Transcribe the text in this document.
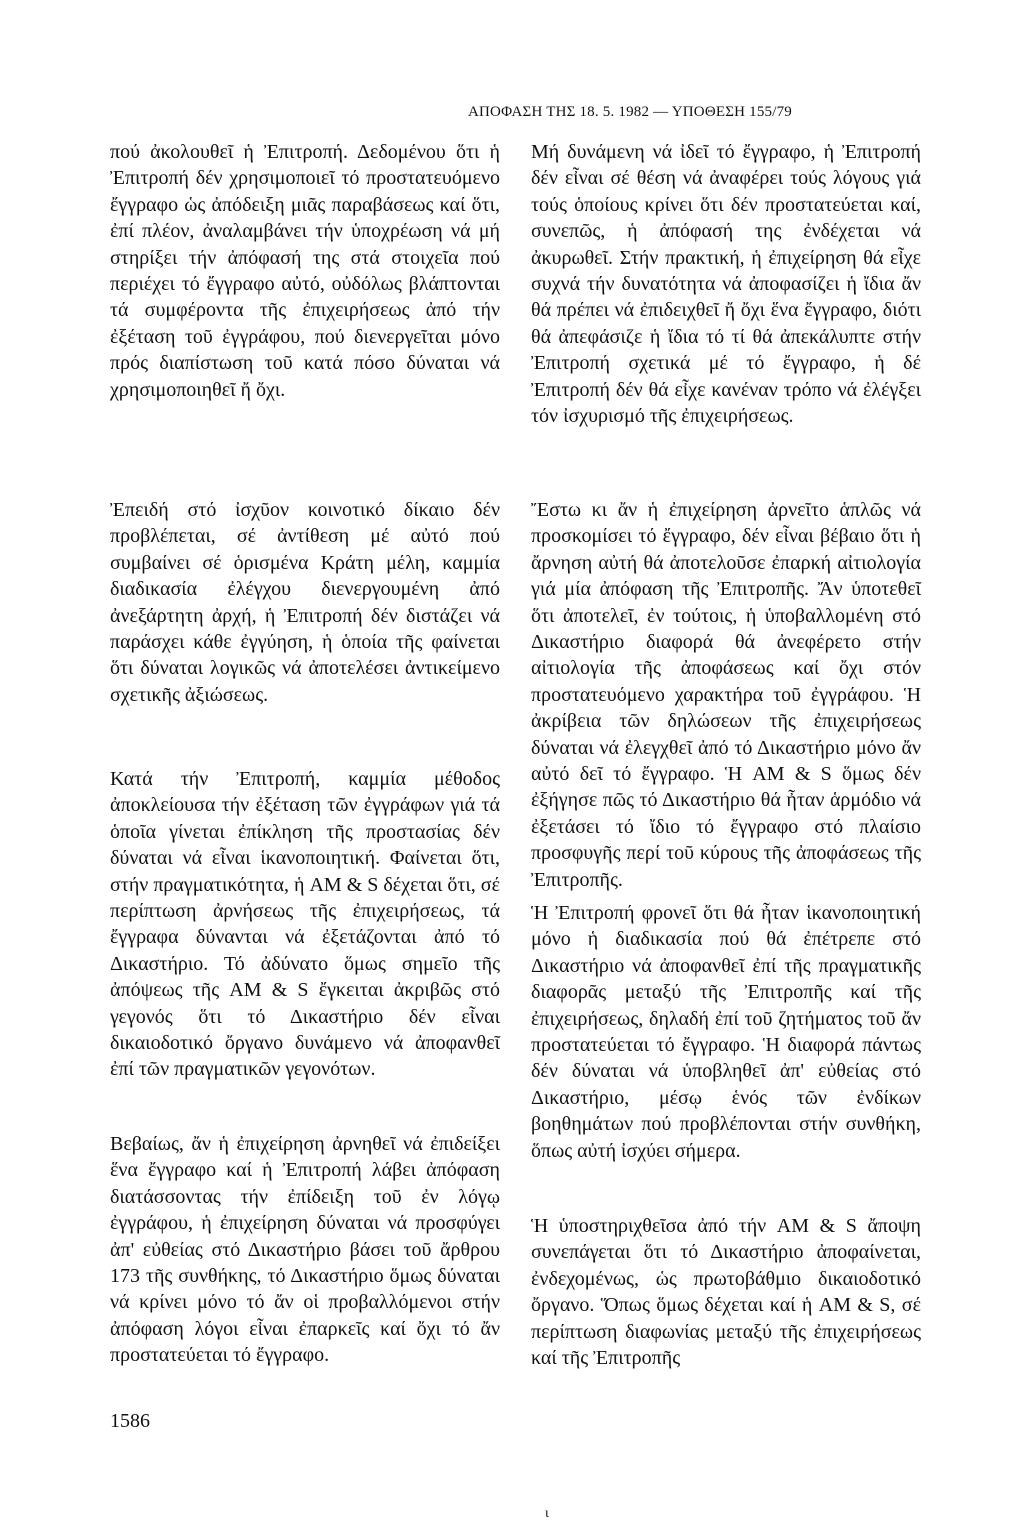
ΑΠΟΦΑΣΗ ΤΗΣ 18. 5. 1982 — ΥΠΟΘΕΣΗ 155/79

πού ἀκολουθεῖ ἡ Ἐπιτροπή. Δεδομένου ὅτι ἡ Ἐπιτροπή δέν χρησιμοποιεῖ τό προστατευόμενο ἔγγραφο ὡς ἀπόδειξη μιᾶς παραβάσεως καί ὅτι, ἐπί πλέον, ἀναλαμβάνει τήν ὑποχρέωση νά μή στηρίξει τήν ἀπόφασή της στά στοιχεῖα πού περιέχει τό ἔγγραφο αὐτό, οὐδόλως βλάπτονται τά συμφέροντα τῆς ἐπιχειρήσεως ἀπό τήν ἐξέταση τοῦ ἐγγράφου, πού διενεργεῖται μόνο πρός διαπίστωση τοῦ κατά πόσο δύναται νά χρησιμοποιηθεῖ ἤ ὄχι.

Ἐπειδή στό ἰσχῦον κοινοτικό δίκαιο δέν προβλέπεται, σέ ἀντίθεση μέ αὐτό πού συμβαίνει σέ ὁρισμένα Κράτη μέλη, καμμία διαδικασία ἐλέγχου διενεργουμένη ἀπό ἀνεξάρτητη ἀρχή, ἡ Ἐπιτροπή δέν διστάζει νά παράσχει κάθε ἐγγύηση, ἡ ὁποία τῆς φαίνεται ὅτι δύναται λογικῶς νά ἀποτελέσει ἀντικείμενο σχετικῆς ἀξιώσεως.

Κατά τήν Ἐπιτροπή, καμμία μέθοδος ἀποκλείουσα τήν ἐξέταση τῶν ἐγγράφων γιά τά ὁποῖα γίνεται ἐπίκληση τῆς προστασίας δέν δύναται νά εἶναι ἱκανοποιητική. Φαίνεται ὅτι, στήν πραγματικότητα, ἡ AM & S δέχεται ὅτι, σέ περίπτωση ἀρνήσεως τῆς ἐπιχειρήσεως, τά ἔγγραφα δύνανται νά ἐξετάζονται ἀπό τό Δικαστήριο. Τό ἀδύνατο ὅμως σημεῖο τῆς ἀπόψεως τῆς AM & S ἔγκειται ἀκριβῶς στό γεγονός ὅτι τό Δικαστήριο δέν εἶναι δικαιοδοτικό ὄργανο δυνάμενο νά ἀποφανθεῖ ἐπί τῶν πραγματικῶν γεγονότων.

Βεβαίως, ἄν ἡ ἐπιχείρηση ἀρνηθεῖ νά ἐπιδείξει ἕνα ἔγγραφο καί ἡ Ἐπιτροπή λάβει ἀπόφαση διατάσσοντας τήν ἐπίδειξη τοῦ ἐν λόγῳ ἐγγράφου, ἡ ἐπιχείρηση δύναται νά προσφύγει ἀπ' εὐθείας στό Δικαστήριο βάσει τοῦ ἄρθρου 173 τῆς συνθήκης, τό Δικαστήριο ὅμως δύναται νά κρίνει μόνο τό ἄν οἱ προβαλλόμενοι στήν ἀπόφαση λόγοι εἶναι ἐπαρκεῖς καί ὄχι τό ἄν προστατεύεται τό ἔγγραφο.

Μή δυνάμενη νά ἰδεῖ τό ἔγγραφο, ἡ Ἐπιτροπή δέν εἶναι σέ θέση νά ἀναφέρει τούς λόγους γιά τούς ὁποίους κρίνει ὅτι δέν προστατεύεται καί, συνεπῶς, ἡ ἀπόφασή της ἐνδέχεται νά ἀκυρωθεῖ. Στήν πρακτική, ἡ ἐπιχείρηση θά εἶχε συχνά τήν δυνατότητα νά ἀποφασίζει ἡ ἴδια ἄν θά πρέπει νά ἐπιδειχθεῖ ἤ ὄχι ἕνα ἔγγραφο, διότι θά ἀπεφάσιζε ἡ ἴδια τό τί θά ἀπεκάλυπτε στήν Ἐπιτροπή σχετικά μέ τό ἔγγραφο, ἡ δέ Ἐπιτροπή δέν θά εἶχε κανέναν τρόπο νά ἐλέγξει τόν ἰσχυρισμό τῆς ἐπιχειρήσεως.

Ἔστω κι ἄν ἡ ἐπιχείρηση ἀρνεῖτο ἁπλῶς νά προσκομίσει τό ἔγγραφο, δέν εἶναι βέβαιο ὅτι ἡ ἄρνηση αὐτή θά ἀποτελοῦσε ἐπαρκή αἰτιολογία γιά μία ἀπόφαση τῆς Ἐπιτροπῆς. Ἄν ὑποτεθεῖ ὅτι ἀποτελεῖ, ἐν τούτοις, ἡ ὑποβαλλομένη στό Δικαστήριο διαφορά θά ἀνεφέρετο στήν αἰτιολογία τῆς ἀποφάσεως καί ὄχι στόν προστατευόμενο χαρακτήρα τοῦ ἐγγράφου. Ἡ ἀκρίβεια τῶν δηλώσεων τῆς ἐπιχειρήσεως δύναται νά ἐλεγχθεῖ ἀπό τό Δικαστήριο μόνο ἄν αὐτό δεῖ τό ἔγγραφο. Ἡ AM & S ὅμως δέν ἐξήγησε πῶς τό Δικαστήριο θά ἦταν ἁρμόδιο νά ἐξετάσει τό ἴδιο τό ἔγγραφο στό πλαίσιο προσφυγῆς περί τοῦ κύρους τῆς ἀποφάσεως τῆς Ἐπιτροπῆς.

Ἡ Ἐπιτροπή φρονεῖ ὅτι θά ἦταν ἱκανοποιητική μόνο ἡ διαδικασία πού θά ἐπέτρεπε στό Δικαστήριο νά ἀποφανθεῖ ἐπί τῆς πραγματικῆς διαφορᾶς μεταξύ τῆς Ἐπιτροπῆς καί τῆς ἐπιχειρήσεως, δηλαδή ἐπί τοῦ ζητήματος τοῦ ἄν προστατεύεται τό ἔγγραφο. Ἡ διαφορά πάντως δέν δύναται νά ὑποβληθεῖ ἀπ' εὐθείας στό Δικαστήριο, μέσῳ ἑνός τῶν ἐνδίκων βοηθημάτων πού προβλέπονται στήν συνθήκη, ὅπως αὐτή ἰσχύει σήμερα.

Ἡ ὑποστηριχθεῖσα ἀπό τήν AM & S ἄποψη συνεπάγεται ὅτι τό Δικαστήριο ἀποφαίνεται, ἐνδεχομένως, ὡς πρωτοβάθμιο δικαιοδοτικό ὄργανο. Ὅπως ὅμως δέχεται καί ἡ AM & S, σέ περίπτωση διαφωνίας μεταξύ τῆς ἐπιχειρήσεως καί τῆς Ἐπιτροπῆς

1586
ι
